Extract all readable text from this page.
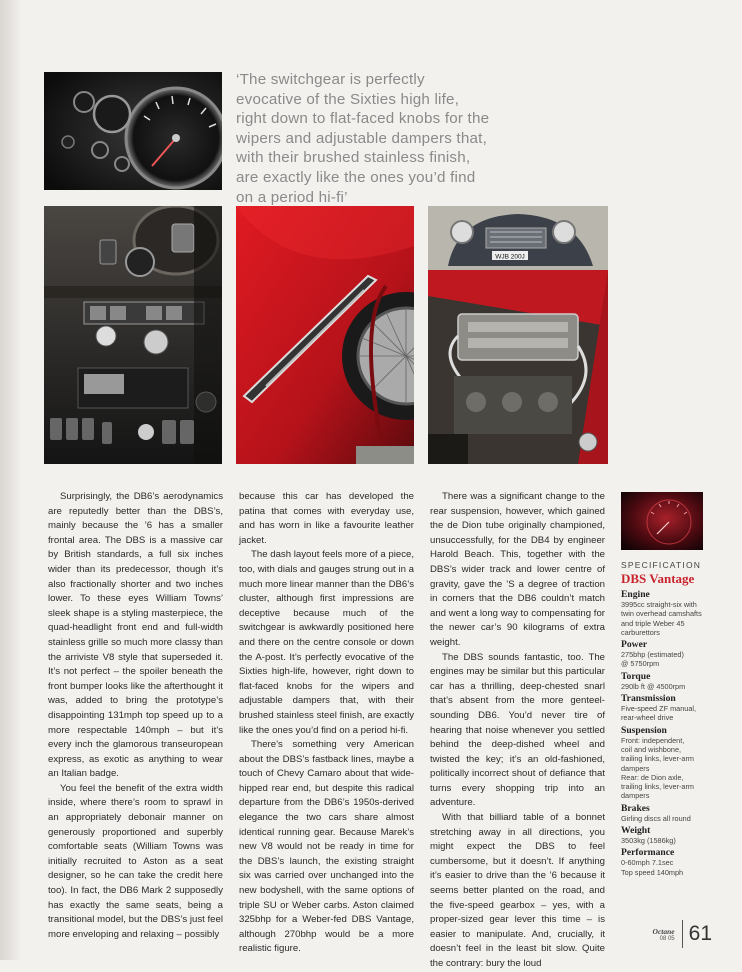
‘The switchgear is perfectly evocative of the Sixties high life, right down to flat-faced knobs for the wipers and adjustable dampers that, with their brushed stainless finish, are exactly like the ones you’d find on a period hi-fi’
WJB 200J

Surprisingly, the DB6’s aerodynamics are reputedly better than the DBS’s, mainly because the ’6 has a smaller frontal area. The DBS is a massive car by British standards, a full six inches wider than its predecessor, though it’s also fractionally shorter and two inches lower. To these eyes William Towns’ sleek shape is a styling masterpiece, the quad-headlight front end and full-width stainless grille so much more classy than the arriviste V8 style that superseded it. It’s not perfect – the spoiler beneath the front bumper looks like the afterthought it was, added to bring the prototype’s disappointing 131mph top speed up to a more respectable 140mph – but it’s every inch the glamorous transeuropean express, as exotic as anything to wear an Italian badge.

You feel the benefit of the extra width inside, where there’s room to sprawl in an appropriately debonair manner on generously proportioned and superbly comfortable seats (William Towns was initially recruited to Aston as a seat designer, so he can take the credit here too). In fact, the DB6 Mark 2 supposedly has exactly the same seats, being a transitional model, but the DBS’s just feel more enveloping and relaxing – possibly

because this car has developed the patina that comes with everyday use, and has worn in like a favourite leather jacket.

The dash layout feels more of a piece, too, with dials and gauges strung out in a much more linear manner than the DB6’s cluster, although first impressions are deceptive because much of the switchgear is awkwardly positioned here and there on the centre console or down the A-post. It’s perfectly evocative of the Sixties high-life, however, right down to flat-faced knobs for the wipers and adjustable dampers that, with their brushed stainless steel finish, are exactly like the ones you’d find on a period hi-fi.

There’s something very American about the DBS’s fastback lines, maybe a touch of Chevy Camaro about that wide-hipped rear end, but despite this radical departure from the DB6’s 1950s-derived elegance the two cars share almost identical running gear. Because Marek’s new V8 would not be ready in time for the DBS’s launch, the existing straight six was carried over unchanged into the new bodyshell, with the same options of triple SU or Weber carbs. Aston claimed 325bhp for a Weber-fed DBS Vantage, although 270bhp would be a more realistic figure.

There was a significant change to the rear suspension, however, which gained the de Dion tube originally championed, unsuccessfully, for the DB4 by engineer Harold Beach. This, together with the DBS’s wider track and lower centre of gravity, gave the ’S a degree of traction in corners that the DB6 couldn’t match and went a long way to compensating for the newer car’s 90 kilograms of extra weight.

The DBS sounds fantastic, too. The engines may be similar but this particular car has a thrilling, deep-chested snarl that’s absent from the more genteel-sounding DB6. You’d never tire of hearing that noise whenever you settled behind the deep-dished wheel and twisted the key; it’s an old-fashioned, politically incorrect shout of defiance that turns every shopping trip into an adventure.

With that billiard table of a bonnet stretching away in all directions, you might expect the DBS to feel cumbersome, but it doesn’t. If anything it’s easier to drive than the ’6 because it seems better planted on the road, and the five-speed gearbox – yes, with a proper-sized gear lever this time – is easier to manipulate. And, crucially, it doesn’t feel in the least bit slow. Quite the contrary: bury the loud

SPECIFICATION
DBS Vantage
Engine
3995cc straight-six with
twin overhead camshafts
and triple Weber 45
carburettors
Power
275bhp (estimated)
@ 5750rpm
Torque
290lb ft @ 4500rpm
Transmission
Five-speed ZF manual,
rear-wheel drive
Suspension
Front: independent,
coil and wishbone,
trailing links, lever-arm
dampers
Rear: de Dion axle,
trailing links, lever-arm
dampers
Brakes
Girling discs all round
Weight
3503kg (1586kg)
Performance
0-60mph 7.1sec
Top speed 140mph
Octane
08 05 61
